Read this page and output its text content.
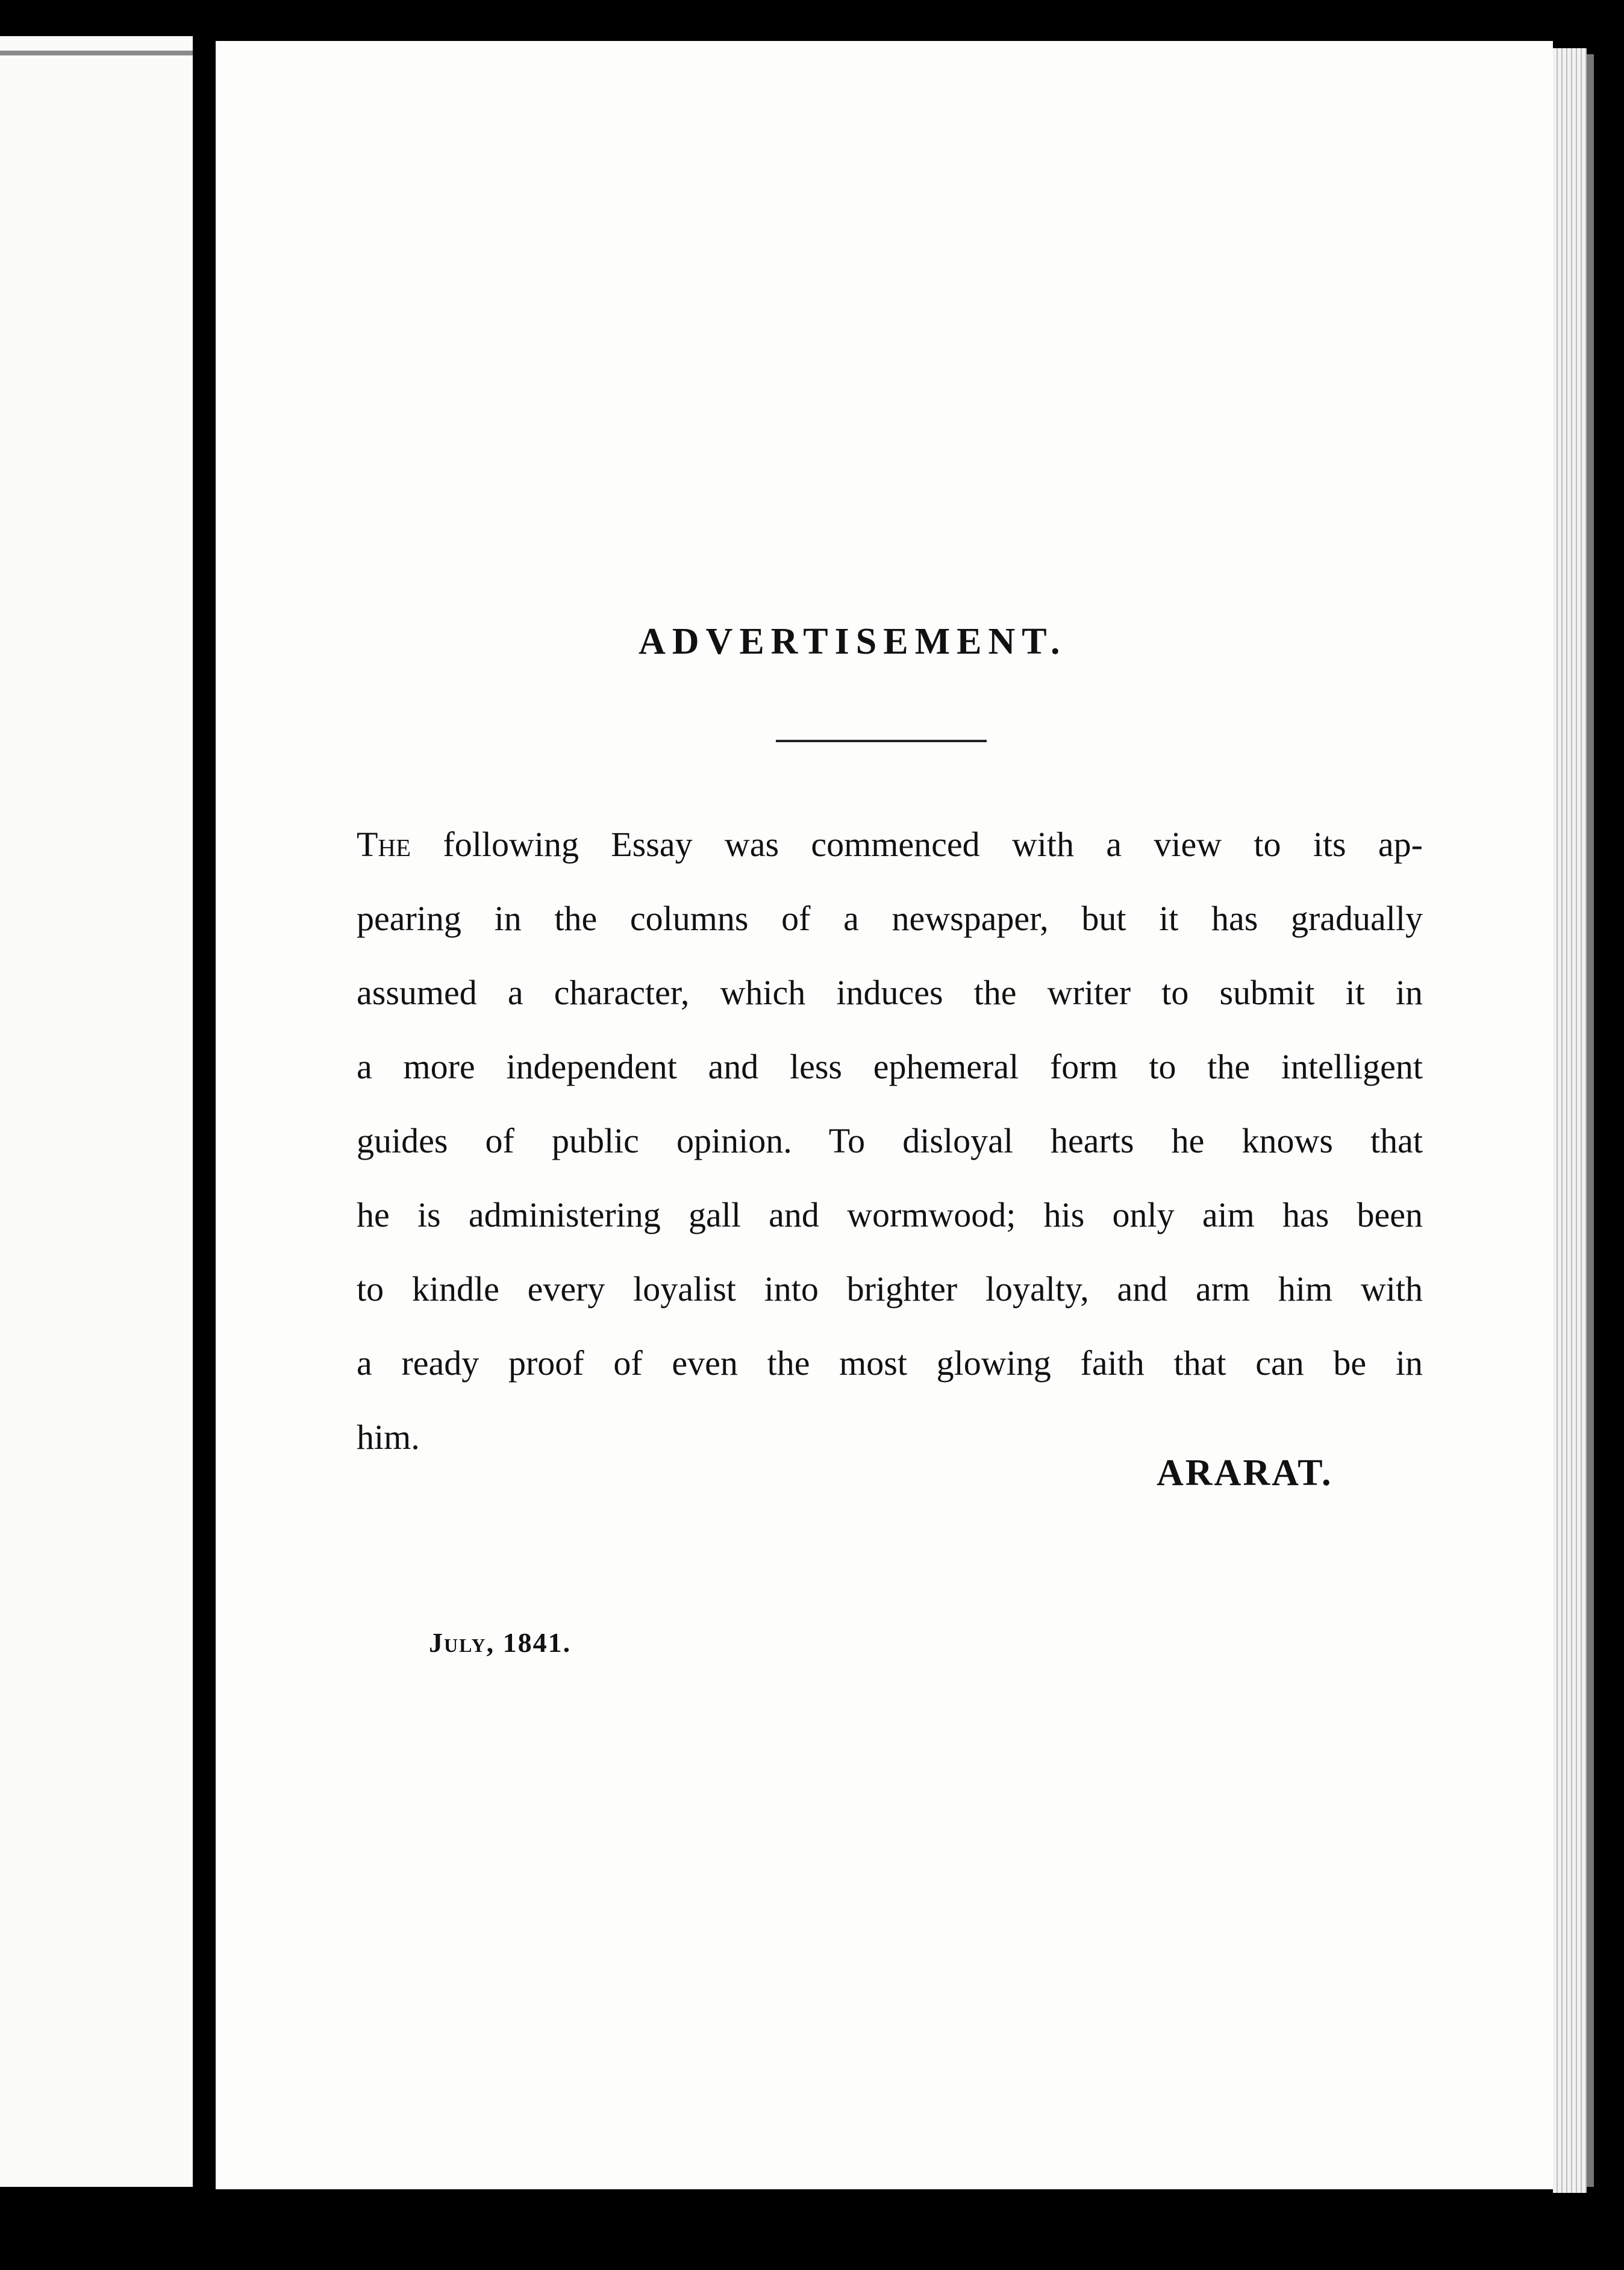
ADVERTISEMENT.
The following Essay was commenced with a view to its ap-
pearing in the columns of a newspaper, but it has gradually
assumed a character, which induces the writer to submit it in
a more independent and less ephemeral form to the intelligent
guides of public opinion. To disloyal hearts he knows that
he is administering gall and wormwood; his only aim has been
to kindle every loyalist into brighter loyalty, and arm him with
a ready proof of even the most glowing faith that can be in
him.
ARARAT.
July, 1841.
